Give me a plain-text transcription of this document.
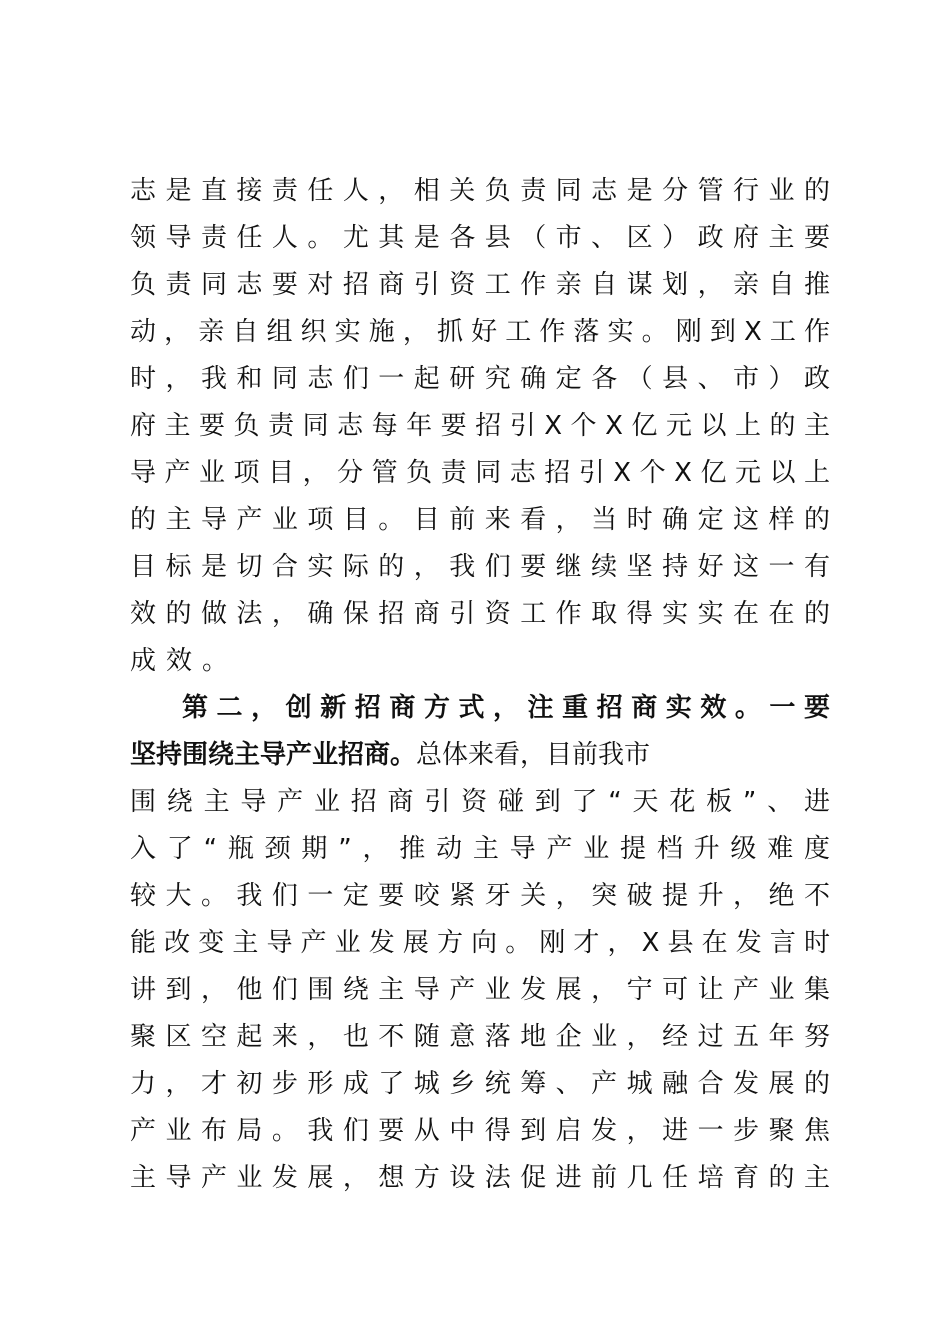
志是直接责任人，相关负责同志是分管行业的
领导责任人。尤其是各县（市、区）政府主要
负责同志要对招商引资工作亲自谋划，亲自推
动，亲自组织实施，抓好工作落实。刚到X工作
时，我和同志们一起研究确定各（县、市）政
府主要负责同志每年要招引X个X亿元以上的主
导产业项目，分管负责同志招引X个X亿元以上
的主导产业项目。目前来看，当时确定这样的
目标是切合实际的，我们要继续坚持好这一有
效的做法，确保招商引资工作取得实实在在的
成效。
第二，创新招商方式，注重招商实效。一要
坚持围绕主导产业招商。总体来看，目前我市
围绕主导产业招商引资碰到了“天花板”、进
入了“瓶颈期”，推动主导产业提档升级难度
较大。我们一定要咬紧牙关，突破提升，绝不
能改变主导产业发展方向。刚才，X县在发言时
讲到，他们围绕主导产业发展，宁可让产业集
聚区空起来，也不随意落地企业，经过五年努
力，才初步形成了城乡统筹、产城融合发展的
产业布局。我们要从中得到启发，进一步聚焦
主导产业发展，想方设法促进前几任培育的主
